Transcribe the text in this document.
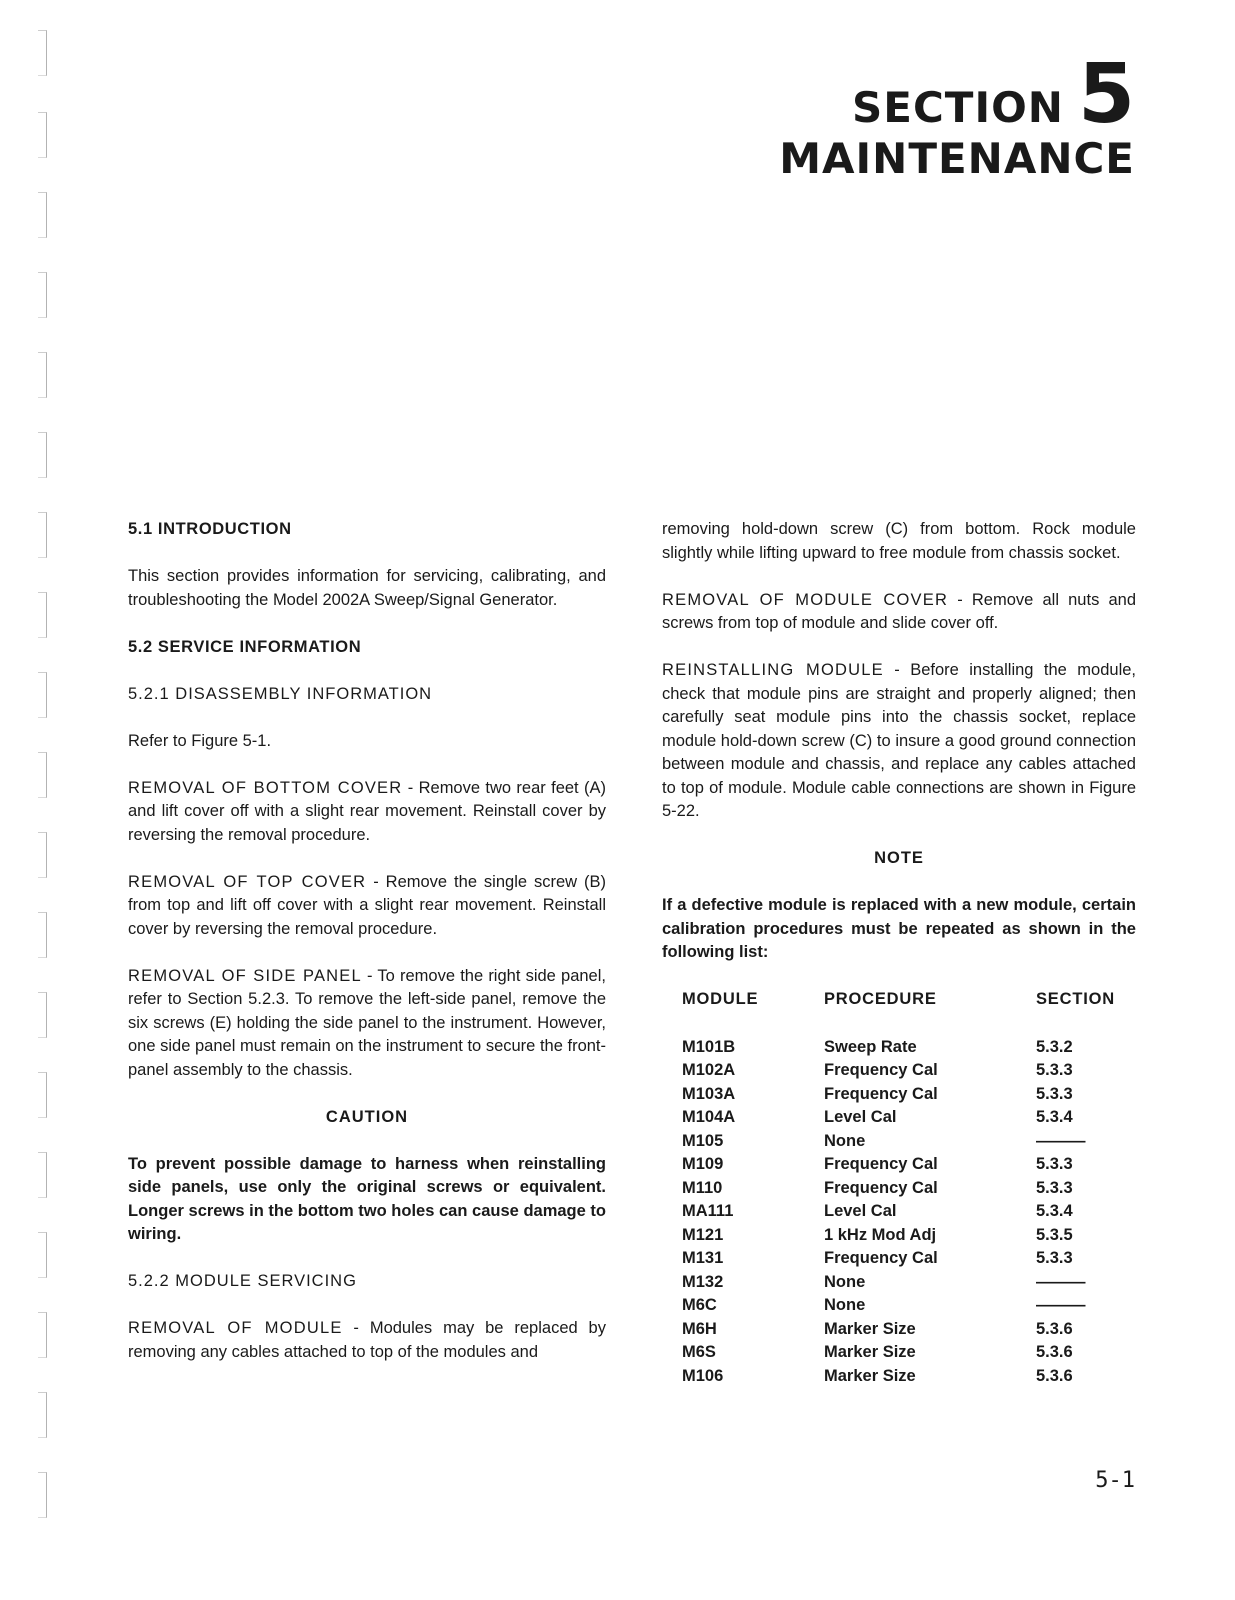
SECTION 5
MAINTENANCE
5.1 INTRODUCTION

This section provides information for servicing, calibrating, and troubleshooting the Model 2002A Sweep/Signal Generator.

5.2 SERVICE INFORMATION
5.2.1 DISASSEMBLY INFORMATION

Refer to Figure 5-1.

REMOVAL OF BOTTOM COVER - Remove two rear feet (A) and lift cover off with a slight rear movement. Reinstall cover by reversing the removal procedure.

REMOVAL OF TOP COVER - Remove the single screw (B) from top and lift off cover with a slight rear movement. Reinstall cover by reversing the removal procedure.

REMOVAL OF SIDE PANEL - To remove the right side panel, refer to Section 5.2.3. To remove the left-side panel, remove the six screws (E) holding the side panel to the instrument. However, one side panel must remain on the instrument to secure the front-panel assembly to the chassis.

CAUTION

To prevent possible damage to harness when reinstalling side panels, use only the original screws or equivalent. Longer screws in the bottom two holes can cause damage to wiring.

5.2.2 MODULE SERVICING

REMOVAL OF MODULE - Modules may be replaced by removing any cables attached to top of the modules and

removing hold-down screw (C) from bottom. Rock module slightly while lifting upward to free module from chassis socket.

REMOVAL OF MODULE COVER - Remove all nuts and screws from top of module and slide cover off.

REINSTALLING MODULE - Before installing the module, check that module pins are straight and properly aligned; then carefully seat module pins into the chassis socket, replace module hold-down screw (C) to insure a good ground connection between module and chassis, and replace any cables attached to top of module. Module cable connections are shown in Figure 5-22.

NOTE

If a defective module is replaced with a new module, certain calibration procedures must be repeated as shown in the following list:

MODULE	PROCEDURE	SECTION
M101B	Sweep Rate	5.3.2
M102A	Frequency Cal	5.3.3
M103A	Frequency Cal	5.3.3
M104A	Level Cal	5.3.4
M105	None	———
M109	Frequency Cal	5.3.3
M110	Frequency Cal	5.3.3
MA111	Level Cal	5.3.4
M121	1 kHz Mod Adj	5.3.5
M131	Frequency Cal	5.3.3
M132	None	———
M6C	None	———
M6H	Marker Size	5.3.6
M6S	Marker Size	5.3.6
M106	Marker Size	5.3.6
5-1
